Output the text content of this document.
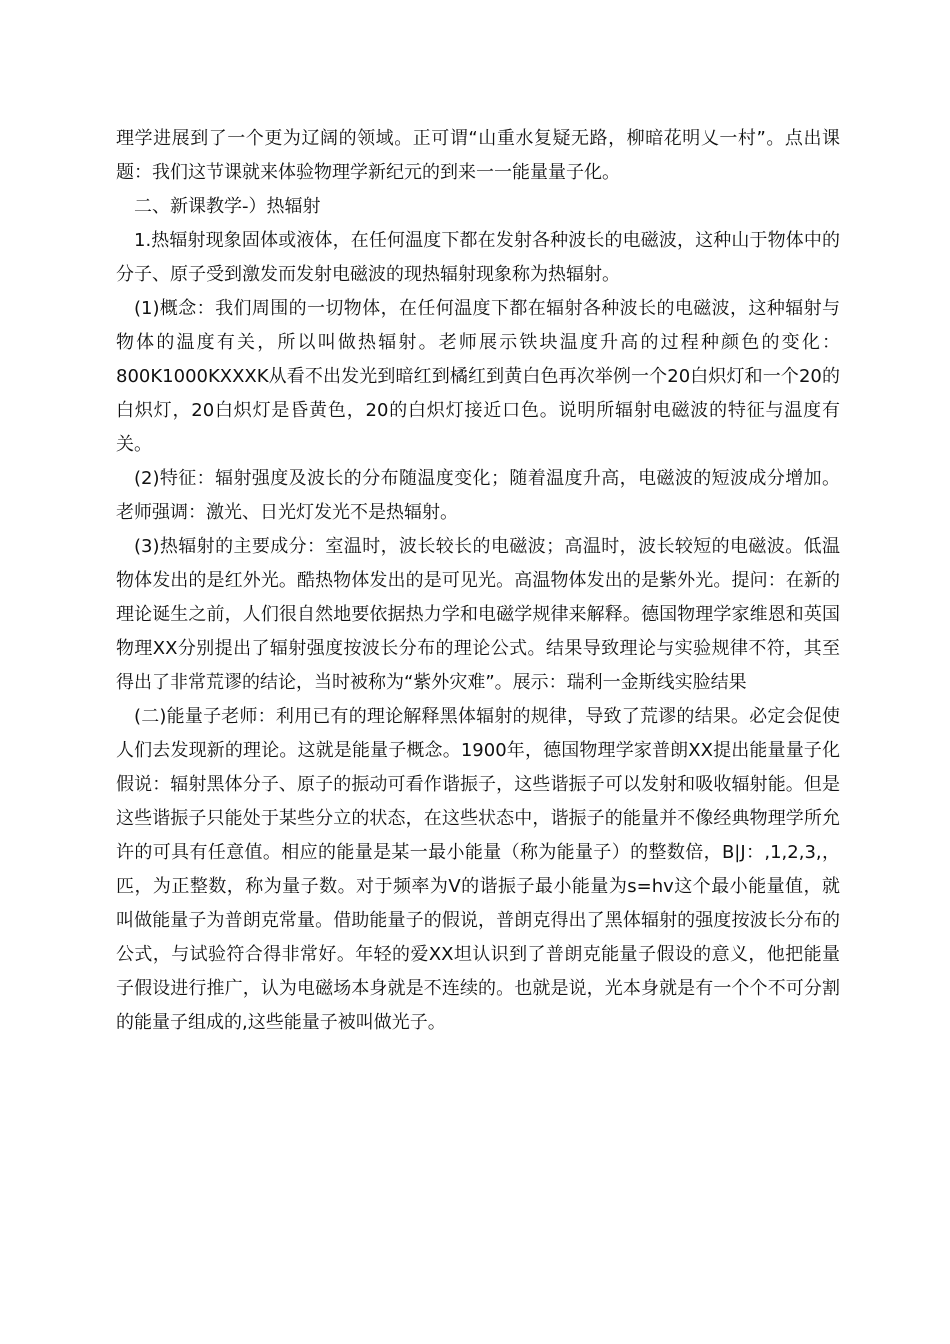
理学进展到了一个更为辽阔的领域。正可谓“山重水复疑无路，柳暗花明乂一村”。点出课题：我们这节课就来体验物理学新纪元的到来一一能量量子化。

二、新课教学-）热辐射

1.热辐射现象固体或液体，在任何温度下都在发射各种波长的电磁波，这种山于物体中的分子、原子受到激发而发射电磁波的现热辐射现象称为热辐射。

(1)概念：我们周围的一切物体，在任何温度下都在辐射各种波长的电磁波，这种辐射与物体的温度有关，所以叫做热辐射。老师展示铁块温度升高的过程种颜色的变化：800K1000KXXXK从看不出发光到暗红到橘红到黄白色再次举例一个20白炽灯和一个20的白炽灯，20白炽灯是昏黄色，20的白炽灯接近口色。说明所辐射电磁波的特征与温度有关。

(2)特征：辐射强度及波长的分布随温度变化；随着温度升高，电磁波的短波成分增加。老师强调：激光、日光灯发光不是热辐射。

(3)热辐射的主要成分：室温时，波长较长的电磁波；高温时，波长较短的电磁波。低温物体发出的是红外光。酷热物体发出的是可见光。高温物体发出的是紫外光。提问：在新的理论诞生之前，人们很自然地要依据热力学和电磁学规律来解释。德国物理学家维恩和英国物理XX分别提出了辐射强度按波长分布的理论公式。结果导致理论与实验规律不符，其至得出了非常荒谬的结论，当时被称为“紫外灾难”。展示：瑞利一金斯线实脸结果

(二)能量子老师：利用已有的理论解释黑体辐射的规律，导致了荒谬的结果。必定会促使人们去发现新的理论。这就是能量子概念。1900年，德国物理学家普朗XX提出能量量子化假说：辐射黑体分子、原子的振动可看作谐振子，这些谐振子可以发射和吸收辐射能。但是这些谐振子只能处于某些分立的状态，在这些状态中，谐振子的能量并不像经典物理学所允许的可具有任意值。相应的能量是某一最小能量（称为能量子）的整数倍，B|J：,1,2,3,，匹，为正整数，称为量子数。对于频率为V的谐振子最小能量为s=hv这个最小能量值，就叫做能量子为普朗克常量。借助能量子的假说，普朗克得出了黑体辐射的强度按波长分布的公式，与试验符合得非常好。年轻的爱XX坦认识到了普朗克能量子假设的意义，他把能量子假设进行推广，认为电磁场本身就是不连续的。也就是说，光本身就是有一个个不可分割的能量子组成的,这些能量子被叫做光子。
